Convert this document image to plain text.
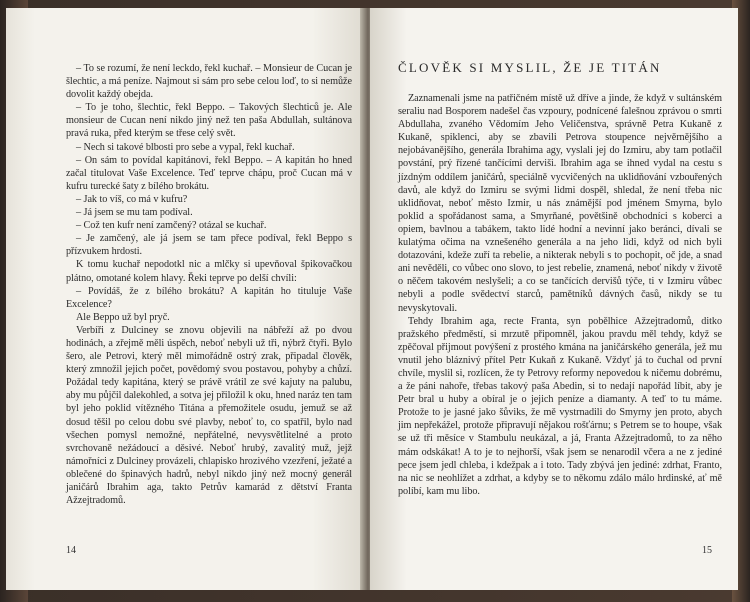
– To se rozumí, že není leckdo, řekl kuchař. – Monsieur de Cucan je šlechtic, a má peníze. Najmout si sám pro sebe celou loď, to si nemůže dovolit každý obejda.

– To je toho, šlechtic, řekl Beppo. – Takových šlechticů je. Ale monsieur de Cucan není nikdo jiný než ten paša Abdullah, sultánova pravá ruka, před kterým se třese celý svět.

– Nech si takové blbosti pro sebe a vypal, řekl kuchař.

– On sám to povídal kapitánovi, řekl Beppo. – A kapitán ho hned začal titulovat Vaše Excelence. Teď teprve chápu, proč Cucan má v kufru turecké šaty z bílého brokátu.

– Jak to víš, co má v kufru?

– Já jsem se mu tam podíval.

– Což ten kufr není zamčený? otázal se kuchař.

– Je zamčený, ale já jsem se tam přece podíval, řekl Beppo s přízvukem hrdosti.

K tomu kuchař nepodotkl nic a mlčky si upevňoval špikovačkou plátno, omotané kolem hlavy. Řeki teprve po delší chvíli:

– Povídáš, že z bílého brokátu? A kapitán ho tituluje Vaše Excelence?

Ale Beppo už byl pryč.

Verbíři z Dulciney se znovu objevili na nábřeží až po dvou hodinách, a zřejmě měli úspěch, neboť nebyli už tři, nýbrž čtyři. Bylo šero, ale Petrovi, který měl mimořádně ostrý zrak, připadal člověk, který zmnožil jejich počet, povědomý svou postavou, pohyby a chůzí. Požádal tedy kapitána, který se právě vrátil ze své kajuty na palubu, aby mu půjčil dalekohled, a sotva jej přiložil k oku, hned naráz ten tam byl jeho poklid vítězného Titána a přemožitele osudu, jemuž se až dosud těšil po celou dobu své plavby, neboť to, co spatřil, bylo nad všechen pomysl nemožné, nepřátelné, nevysvětlitelné a proto svrchovaně nežádoucí a děsivé. Neboť hrubý, zavalitý muž, jejž námořníci z Dulciney provázeli, chlapisko hrozivého vzezření, ježaté a oblečené do špinavých hadrů, nebyl nikdo jiný než mocný generál janičárů Ibrahim aga, takto Petrův kamarád z dětství Franta Ažzejtradomů.

14
ČLOVĚK SI MYSLIL, ŽE JE TITÁN

Zaznamenali jsme na patřičném místě už dříve a jinde, že když v sultánském seraliu nad Bosporem nadešel čas vzpoury, podnícené falešnou zprávou o smrti Abdullaha, zvaného Vědomím Jeho Veličenstva, správně Petra Kukaně z Kukaně, spiklenci, aby se zbavili Petrova stoupence nejvěrnějšího a nejobávanějšího, generála Ibrahima agy, vyslali jej do Izmiru, aby tam potlačil povstání, prý řízené tančícími derviši. Ibrahim aga se ihned vydal na cestu s jízdným oddílem janičárů, speciálně vycvičených na uklidňování vzbouřených davů, ale když do Izmiru se svými lidmi dospěl, shledal, že není třeba nic uklidňovat, neboť město Izmir, u nás známější pod jménem Smyrna, bylo poklid a spořádanost sama, a Smyrňané, povětšině obchodníci s koberci a opiem, bavlnou a tabákem, takto lidé hodní a nevinní jako beránci, dívali se kulatýma očima na vznešeného generála a na jeho lidi, když od nich byli dotazováni, kdeže zuří ta rebelie, a nikterak nebyli s to pochopit, oč jde, a snad ani nevěděli, co vůbec ono slovo, to jest rebelie, znamená, neboť nikdy v životě o něčem takovém neslyšeli; a co se tančících dervišů týče, ti v Izmiru vůbec nebyli a podle svědectví starců, pamětníků dávných časů, nikdy se tu nevyskytovali.

Tehdy Ibrahim aga, recte Franta, syn pobělhice Ažzejtradomů, ditko pražského předměstí, si mrzutě připomněl, jakou pravdu měl tehdy, když se zpěčoval přijmout povýšení z prostého kmána na janičárského generála, jež mu vnutil jeho bláznivý přítel Petr Kukaň z Kukaně. Vždyť já to čuchal od první chvíle, myslil si, rozlícen, že ty Petrovy reformy nepovedou k ničemu dobrému, a že páni nahoře, třebas takový paša Abedin, si to nedají napořád líbit, aby je Petr bral u huby a obíral je o jejich peníze a diamanty. A teď to tu máme. Protože to je jasné jako šůviks, že mě vystrnadili do Smyrny jen proto, abych jim nepřekážel, protože připravují nějakou rošťárnu; s Petrem se to houpe, však se už tři měsíce v Stambulu neukázal, a já, Franta Ažzejtradomů, to za něho mám odskákat! A to je to nejhorší, však jsem se nenarodil včera a ne z jediné pece jsem jedl chleba, i kdežpak a i toto. Tady zbývá jen jediné: zdrhat, Franto, na nic se neohlížet a zdrhat, a kdyby se to někomu zdálo málo hrdinské, ať mě políbí, kam mu libo.

15
